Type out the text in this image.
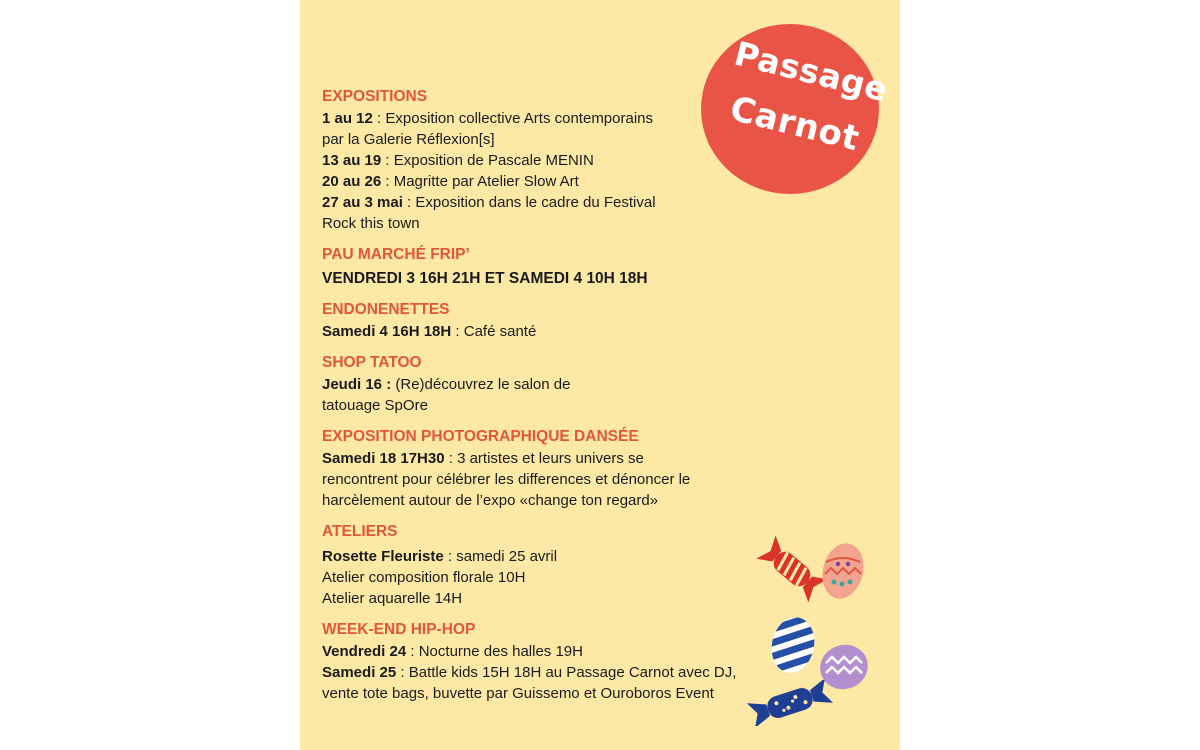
Passage
Carnot
EXPOSITIONS
1 au 12 : Exposition collective Arts contemporains
par la Galerie Réflexion[s]
13 au 19 : Exposition de Pascale MENIN
20 au 26 : Magritte par Atelier Slow Art
27 au 3 mai : Exposition dans le cadre du Festival
Rock this town
PAU MARCHÉ FRIP’
VENDREDI 3 16H 21H ET SAMEDI 4 10H 18H
ENDONENETTES
Samedi 4 16H 18H : Café santé
SHOP TATOO
Jeudi 16 : (Re)découvrez le salon de
tatouage SpOre
EXPOSITION PHOTOGRAPHIQUE DANSÉE
Samedi 18 17H30 : 3 artistes et leurs univers se
rencontrent pour célébrer les differences et dénoncer le
harcèlement autour de l’expo «change ton regard»
ATELIERS
Rosette Fleuriste : samedi 25 avril
Atelier composition florale 10H
Atelier aquarelle 14H
WEEK-END HIP-HOP
Vendredi 24 : Nocturne des halles 19H
Samedi 25 : Battle kids 15H 18H au Passage Carnot avec DJ,
vente tote bags, buvette par Guissemo et Ouroboros Event
